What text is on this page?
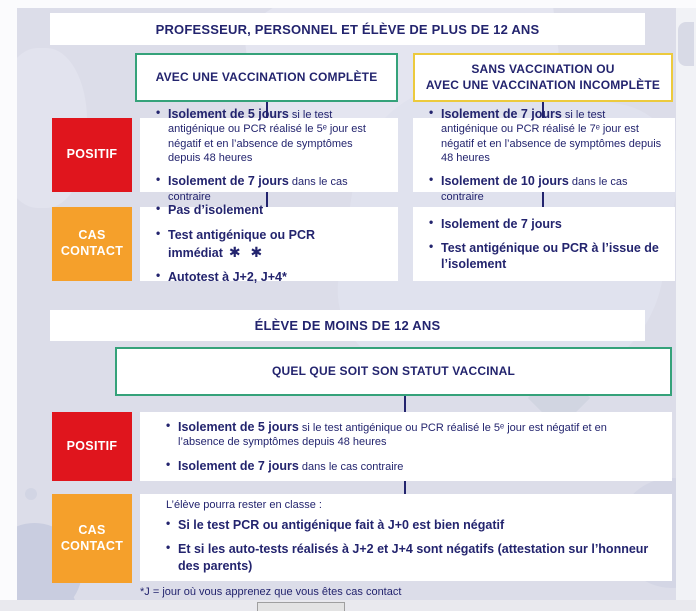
PROFESSEUR, PERSONNEL ET ÉLÈVE DE PLUS DE 12 ANS
AVEC UNE VACCINATION COMPLÈTE
SANS VACCINATION OU
AVEC UNE VACCINATION INCOMPLÈTE
POSITIF
• Isolement de 5 jours si le test antigénique ou PCR réalisé le 5ᵉ jour est négatif et en l’absence de symptômes depuis 48 heures
• Isolement de 7 jours dans le cas contraire
• Isolement de 7 jours si le test antigénique ou PCR réalisé le 7ᵉ jour est négatif et en l’absence de symptômes depuis 48 heures
• Isolement de 10 jours dans le cas contraire
CAS CONTACT
• Pas d’isolement
• Test antigénique ou PCR immédiat ✱ ✱
• Autotest à J+2, J+4*
• Isolement de 7 jours
• Test antigénique ou PCR à l’issue de l’isolement
ÉLÈVE DE MOINS DE 12 ANS
QUEL QUE SOIT SON STATUT VACCINAL
POSITIF
• Isolement de 5 jours si le test antigénique ou PCR réalisé le 5ᵉ jour est négatif et en l’absence de symptômes depuis 48 heures
• Isolement de 7 jours dans le cas contraire
CAS CONTACT
L’élève pourra rester en classe :
• Si le test PCR ou antigénique fait à J+0 est bien négatif
• Et si les auto-tests réalisés à J+2 et J+4 sont négatifs (attestation sur l’honneur des parents)
*J = jour où vous apprenez que vous êtes cas contact
